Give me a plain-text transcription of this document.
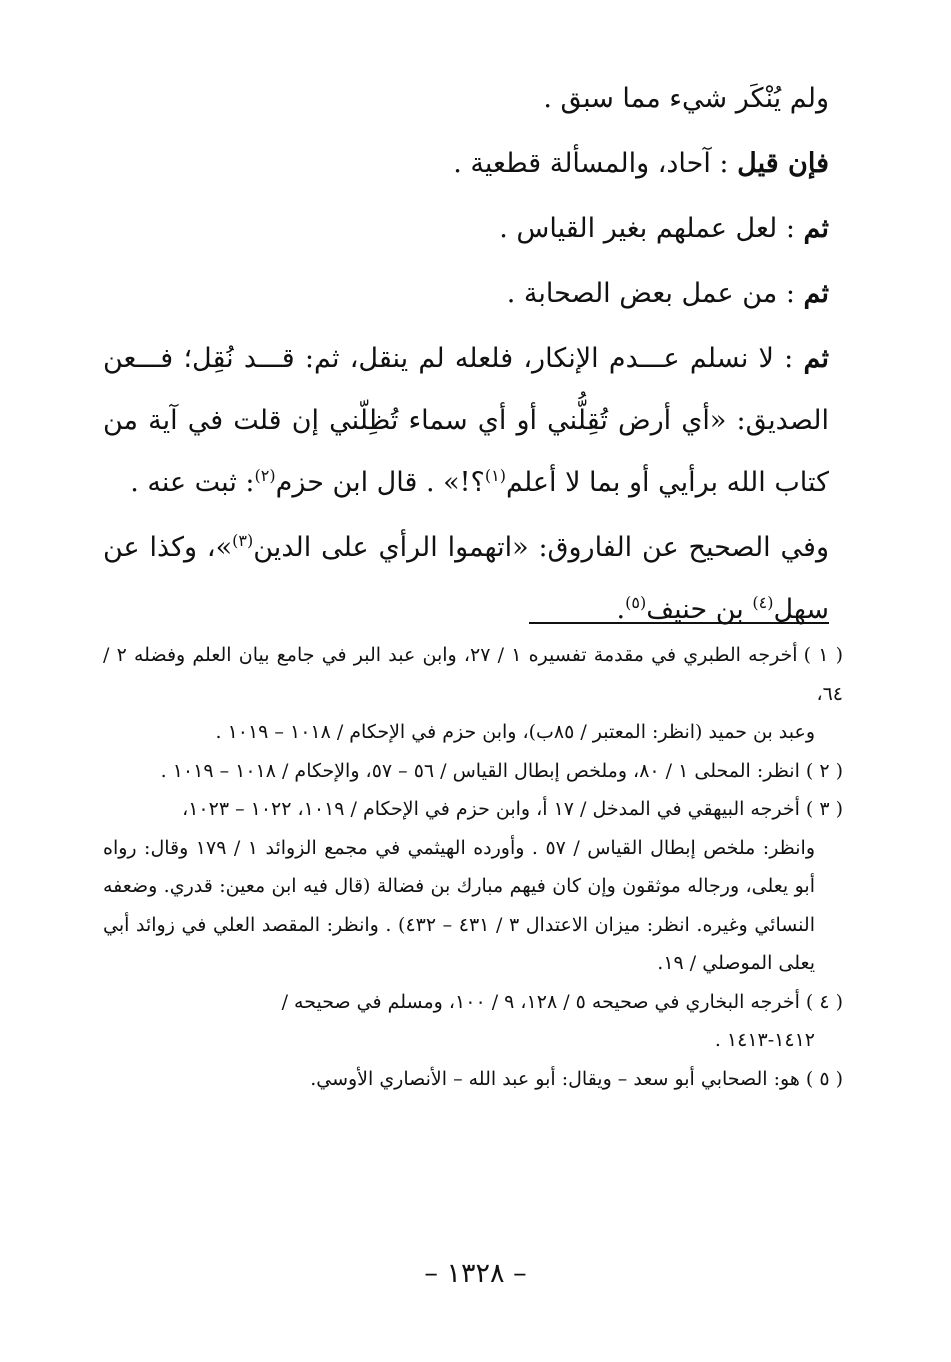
ولم يُنْكَر شيء مما سبق .

فإن قيل : آحاد، والمسألة قطعية .

ثم : لعل عملهم بغير القياس .

ثم : من عمل بعض الصحابة .

ثم : لا نسلم عـــدم الإنكار، فلعله لم ينقل، ثم: قـــد نُقِل؛ فـــعن الصديق: «أي أرض تُقِلُّني أو أي سماء تُظِلّني إن قلت في آية من كتاب الله برأيي أو بما لا أعلم$^{(١)}$؟!» . قال ابن حزم$^{(٢)}$: ثبت عنه .

وفي الصحيح عن الفاروق: «اتهموا الرأي على الدين$^{(٣)}$»، وكذا عن سهل$^{(٤)}$ بن حنيف$^{(٥)}$.

( ١ )أخرجه الطبري في مقدمة تفسيره ١ / ٢٧، وابن عبد البر في جامع بيان العلم وفضله ٢ / ٦٤،
وعبد بن حميد (انظر: المعتبر / ٨٥ب)، وابن حزم في الإحكام / ١٠١٨ – ١٠١٩ .

( ٢ )انظر: المحلى ١ / ٨٠، وملخص إبطال القياس / ٥٦ – ٥٧، والإحكام / ١٠١٨ – ١٠١٩ .

( ٣ )أخرجه البيهقي في المدخل / ١٧ أ، وابن حزم في الإحكام / ١٠١٩، ١٠٢٢ – ١٠٢٣،
وانظر: ملخص إبطال القياس / ٥٧ . وأورده الهيثمي في مجمع الزوائد ١ / ١٧٩ وقال: رواه أبو يعلى، ورجاله موثقون وإن كان فيهم مبارك بن فضالة (قال فيه ابن معين: قدري. وضعفه النسائي وغيره. انظر: ميزان الاعتدال ٣ / ٤٣١ – ٤٣٢) . وانظر: المقصد العلي في زوائد أبي يعلى الموصلي / ١٩.

( ٤ )أخرجه البخاري في صحيحه ٥ / ١٢٨، ٩ / ١٠٠، ومسلم في صحيحه /
١٤١٢-١٤١٣ .

( ٥ )هو: الصحابي أبو سعد – ويقال: أبو عبد الله – الأنصاري الأوسي.

– ١٣٢٨ –
